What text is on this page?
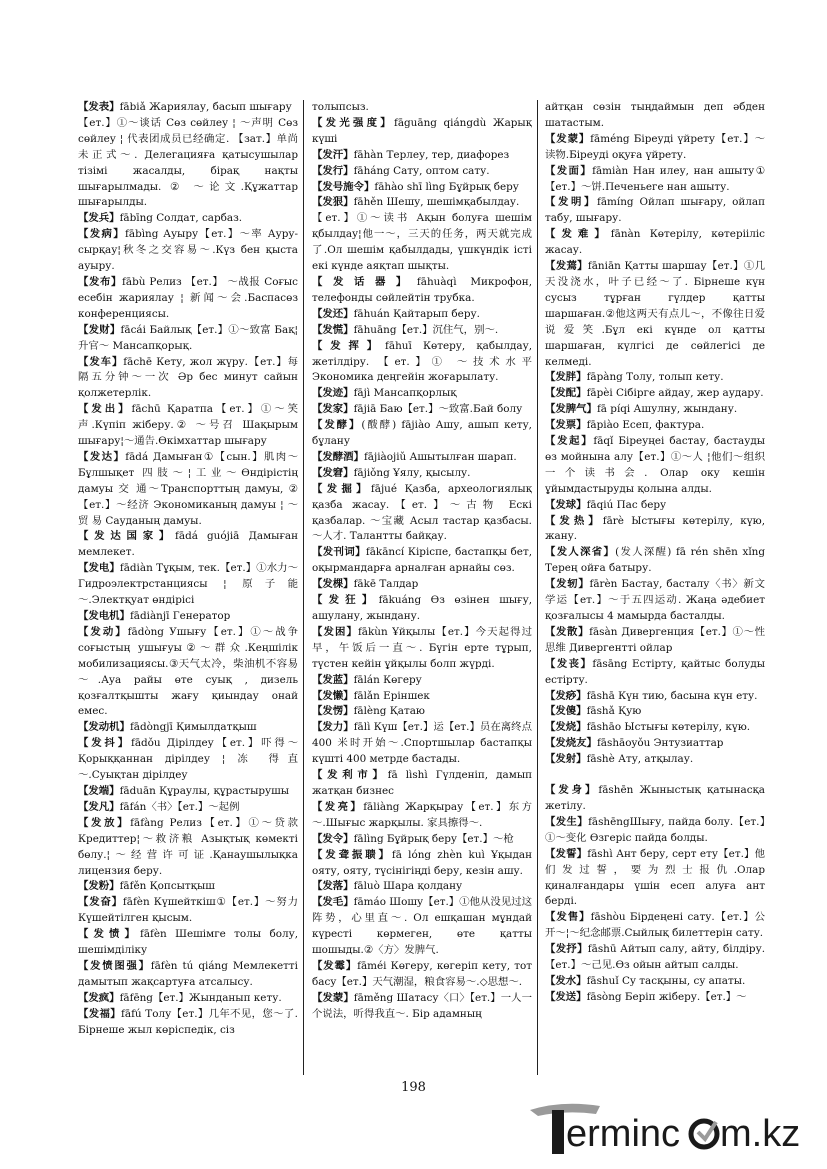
【发表】fābiǎ Жариялау, басып шығару

【ет.】①～谈话 Сөз сөйлеу ¦ ～声明 Сөз сөйлеу ¦ 代表团成员已经确定. 【зат.】单尚未正式～. Делегацияға қатысушылар тізімі жасалды, бірақ нақты шығарылмады. ② ～论文.Құжаттар шығарылды.

【发兵】fābīng Солдат, сарбаз.

【发病】fābìng Ауыру【ет.】～率 Ауру-сырқау¦秋冬之交容易～.Күз бен қыста ауыру.

【发布】fābù Релиз 【ет.】 ～战报 Соғыс есебін жариялау ¦ 新闻～会.Баспасөз конференциясы.

【发财】fācái Байлық【ет.】①～致富 Бақ¦升官～ Мансапқорық.

【发车】fāchē Кету, жол жүру.【ет.】每隔五分钟～一次 Әр бес минут сайын қолжетерлік.

【发出】fāchū Қаратпа【ет.】①～笑声.Күпіп жіберу.② ～号召 Шақырым шығару¦～通告.Өкімхаттар шығару

【发达】fādá Дамыған①【сын.】肌肉～ Бұлшықет 四肢～¦工业～Өндірістің дамуы 交 通～Транспорттың дамуы, ②【ет.】～经济 Экономиканың дамуы ¦ ～ 贸 易 Сауданың дамуы.

【发达国家】fādá guójiā Дамыған мемлекет.

【发电】fādiàn Тұқым, тек.【ет.】①水力～ Гидроэлектрстанциясы ¦ 原子能～.Электқуат өндірісі

【发电机】fādiànjī Генератор

【发动】fādòng Ушығу【ет.】①～战争 соғыстың ушығуы②～群众.Кеңшілік мобилизациясы.③天气太冷，柴油机不容易～.Ауа райы өте суық , дизель қозғалтқышты жағу қиындау онай емес.

【发动机】fādòngjī Қимылдатқыш

【发抖】fādǒu Дірілдеу【ет.】吓得～ Қорыққаннан дірілдеу ¦ 冻 得直～.Суықтан дірілдеу

【发端】fāduān Құраулы, құрастырушы

【发凡】fāfán〈书〉【ет.】～起例

【发放】fāfàng Релиз【ет.】①～贷款 Кредиттер¦～救济粮 Азықтық көмекті бөлу.¦～经营许可证.Қанаушылықка лицензия беру.

【发粉】fāfěn Қопсытқыш

【发奋】fāfèn Күшейткіш①【ет.】～努力 Күшейтілген қысым.

【发愤】fāfèn Шешімге толы болу, шешімділіку

【发愤图强】fāfèn tú qiáng Мемлекетті дамытып жақсартуға атсалысу.

【发疯】fāfēng【ет.】Жынданып кету.

【发福】fāfú Толу【ет.】几年不见，您～了. Бірнеше жыл көріспедік, сіз

толыпсыз.

【发光强度】fāguāng qiángdù Жарық күші

【发汗】fāhàn Терлеу, тер, диафорез

【发行】fāháng Сату, оптом сату.

【发号施令】fāhào shī lìng Бұйрық беру

【发狠】fāhěn Шешу, шешімқабылдау.

【ет.】①～读书 Ақын болуға шешім қбылдау¦他一～，三天的任务，两天就完成了.Ол шешім қабылдады, үшкүндік істі екі күнде аяқтап шықты.

【发话器】fāhuàqì Микрофон, телефонды сөйлейтін трубка.

【发还】fāhuán Қайтарып беру.

【发慌】fāhuāng【ет.】沉住气，别～.

【发挥】fāhuī Көтеру, қабылдау, жетілдіру. 【ет.】① ～技术水平 Экономика деңгейін жоғарылату.

【发迹】fājì Мансапқорлық

【发家】fājiā Баю【ет.】～致富.Бай болу

【发酵】(酦酵) fājiào Ашу, ашып кету, бұлану

【发酵酒】fājiàojiǔ Ашытылған шарап.

【发窘】fājiǒng Ұялу, қысылу.

【发掘】fājué Қазба, археологиялық қазба жасау.【ет.】～古物 Ескі қазбалар. ～宝藏 Асыл тастар қазбасы.～人才. Талантты байқау.

【发刊词】fākāncí Кіріспе, бастапқы бет, оқырмандарға арналған арнайы сөз.

【发棵】fākē Талдар

【发狂】fākuáng Өз өзінен шығу, ашулану, жындану.

【发困】fākùn Ұйқылы【ет.】今天起得过早，午饭后一直～. Бүгін ерте тұрып, түстен кейін ұйқылы болп жүрді.

【发蓝】fālán Көгеру

【发懒】fālǎn Еріншек

【发愣】fālèng Қатаю

【发力】fālì Күш【ет.】运【ет.】员在离终点 400 米时开始～.Спортшылар бастапқы күшті 400 метрде бастады.

【发利市】fā lìshì Гүлденіп, дамып жатқан бизнес

【发亮】fāliàng Жарқырау【ет.】东方～.Шығыс жарқылы. 家具擦得～.

【发令】fālìng Бұйрық беру【ет.】～枪

【发聋振聩】fā lóng zhèn kuì Ұқыдан ояту, ояту, түсінігіңді беру, кезін ашу.

【发落】fāluò Шара қолдану

【发毛】fāmáo Шошу【ет.】①他从没见过这阵势，心里直～. Ол ешқашан мұндай күресті көрмеген, өте қатты шошыды.②〈方〉发脾气.

【发霉】fāméi Көгеру, көгеріп кету, тот басу【ет.】天气潮湿，粮食容易～.◇思想～.

【发蒙】fāměng Шатасу〈口〉【ет.】一人一个说法，听得我直～. Бір адамның

айтқан сөзін тыңдаймын деп әбден шатастым.

【发蒙】fāméng Біреуді үйрету【ет.】～读物.Біреуді оқуға үйрету.

【发面】fāmiàn Нан илеу, нан ашыту①【ет.】～饼.Печеньеге нан ашыту.

【发明】fāmíng Ойлап шығару, ойлап табу, шығару.

【发难】fānàn Көтерілу, көтерііліс жасау.

【发蔫】fāniān Қатты шаршау【ет.】①几天没浇水，叶子已经～了. Бірнеше күн сусыз тұрған гүлдер қатты шаршаған.②他这两天有点儿～，不像往日爱说爱笑.Бұл екі күнде ол қатты шаршаған, күлгісі де сөйлегісі де келмеді.

【发胖】fāpàng Толу, толып кету.

【发配】fāpèi Сібірге айдау, жер аудару.

【发脾气】fā píqi Ашулну, жындану.

【发票】fāpiào Есеп, фактура.

【发起】fāqǐ Біреуңеі бастау, бастауды өз мойнына алу【ет.】①～人 ¦他们～组织一个读书会. Олар оку кешін ұйымдастыруды қолына алды.

【发球】fāqiú Пас беру

【发热】fārè Ыстығы көтерілу, күю, жану.

【发人深省】(发人深醒) fā rén shēn xǐng Терең ойға батыру.

【发轫】fārèn Бастау, басталу〈书〉新文学运【ет.】～于五四运动. Жаңа әдебиет қозғалысы 4 мамырда басталды.

【发散】fāsàn Дивергенция【ет.】①～性思维 Дивергентті ойлар

【发丧】fāsāng Естірту, қайтыс болуды естірту.

【发痧】fāshā Күн тию, басына күн ету.

【发傻】fāshǎ Қую

【发烧】fāshāo Ыстығы көтерілу, күю.

【发烧友】fāshāoyǒu Энтузиаттар

【发射】fāshè Ату, атқылау.

【发身】fāshēn Жыныстық қатынасқа жетілу.

【发生】fāshēngШығу, пайда болу.【ет.】①～变化 Өзгеріс пайда болды.

【发誓】fāshì Ант беру, серт ету【ет.】他们发过誓，要为烈士报仇.Олар қиналғандары үшін есеп алуға ант берді.

【发售】fāshòu Бірдеңені сату.【ет.】公开～¦～纪念邮票.Сыйлық билеттерін сату.

【发抒】fāshū Айтып салу, айту, білдіру.【ет.】～己见.Өз ойын айтып салды.

【发水】fāshuǐ Су тасқыны, су апаты.

【发送】fāsòng Беріп жіберу.【ет.】～

198
erminc m.kz
